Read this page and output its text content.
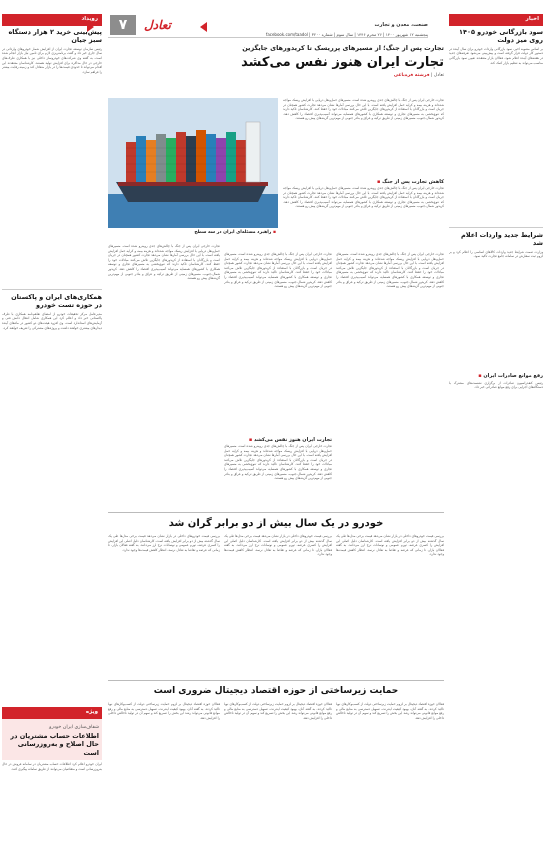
۷	تعادل	صنعت، معدن و تجارت
پنجشنبه ۱۲ شهریور ۱۴۰۰ | ۲۶ محرم ۱۴۴۶ | سال سوم | شماره ۳۲۰۰ | facebook.com/taadol
اخبار
سود بازرگانی خودرو ۱۴۰۵ روی میز دولت
بر اساس مصوبه اخیر، سود بازرگانی واردات خودرو برای سال آینده در دستور کار دولت قرار گرفته است و پیش‌بینی می‌شود تعرفه‌های جدید در هفته‌های آینده اعلام شود. فعالان بازار معتقدند تعیین سود بازرگانی مناسب می‌تواند به تنظیم بازار کمک کند.
شرایط جدید واردات اعلام شد
وزارت صمت شرایط جدید واردات کالاهای اساسی را اعلام کرد و بر لزوم ثبت سفارش در سامانه جامع تجارت تاکید نمود.
رفع موانع صادرات ایران ▪
رئیس کنفدراسیون صادرات از برگزاری نشست‌های مشترک با دستگاه‌های اجرایی برای رفع موانع صادراتی خبر داد.
رویداد
پیش‌بینی خرید ۲ هزار دستگاه سبز جیان
رئیس سازمان توسعه تجارت ایران از افزایش شمار خودروهای وارداتی در سال جاری خبر داد و گفت برنامه‌ریزی لازم برای تامین نیاز بازار انجام شده است. به گفته وی شرکت‌های خودروساز داخلی نیز با همکاری طرف‌های خارجی در حال مذاکره برای افزایش تولید هستند. کارشناسان معتقدند این اقدام می‌تواند تا حدودی قیمت‌ها را در بازار متعادل کند و زمینه رقابت بیشتر را فراهم سازد.
همکاری‌های ایران و پاکستان در حوزه تست خودرو
مدیرعامل مرکز تحقیقات خودرو از امضای تفاهم‌نامه همکاری با طرف پاکستانی خبر داد و اعلام کرد این همکاری شامل انتقال دانش فنی و آزمایش‌های استاندارد است. وی افزود هیئت‌های دو کشور در ماه‌های آینده دیدارهای بیشتری خواهند داشت و پروژه‌های مشترکی را تعریف خواهند کرد.
ویژه
شفاف‌سازی ایران خودرو
اطلاعات حساب مشتریان در حال اصلاح و به‌روزرسانی است
ایران خودرو اعلام کرد اطلاعات حساب مشتریان در سامانه فروش در حال به‌روزرسانی است و متقاضیان می‌توانند از طریق سامانه پیگیری کنند.
تجارت پس از جنگ؛ از مسیرهای پرریسک تا کریدورهای جایگزین
تجارت ایران هنوز نفس می‌کشد
تعادل | فرشته قره‌باغی
▪ راهبرد مسئله‌ای ایران در سه سطح
تجارت خارجی ایران پس از جنگ با چالش‌های جدی روبه‌رو شده است. مسیرهای حمل‌ونقل دریایی با افزایش ریسک مواجه شده‌اند و هزینه بیمه و کرایه حمل افزایش یافته است. با این حال بررسی آمارها نشان می‌دهد تجارت کشور همچنان در جریان است و بازرگانان با استفاده از کریدورهای جایگزین تلاش می‌کنند مبادلات خود را حفظ کنند. کارشناسان تاکید دارند که تنوع‌بخشی به مسیرهای تجاری و توسعه همکاری با کشورهای همسایه می‌تواند آسیب‌پذیری اقتصاد را کاهش دهد. کریدور شمال-جنوب، مسیرهای زمینی از طریق ترکیه و عراق و بنادر جنوبی از مهم‌ترین گزینه‌های پیش رو هستند.
کاهش تجارت پس از جنگ ▪
تجارت خارجی ایران پس از جنگ با چالش‌های جدی روبه‌رو شده است. مسیرهای حمل‌ونقل دریایی با افزایش ریسک مواجه شده‌اند و هزینه بیمه و کرایه حمل افزایش یافته است. با این حال بررسی آمارها نشان می‌دهد تجارت کشور همچنان در جریان است و بازرگانان با استفاده از کریدورهای جایگزین تلاش می‌کنند مبادلات خود را حفظ کنند. کارشناسان تاکید دارند که تنوع‌بخشی به مسیرهای تجاری و توسعه همکاری با کشورهای همسایه می‌تواند آسیب‌پذیری اقتصاد را کاهش دهد. کریدور شمال-جنوب، مسیرهای زمینی از طریق ترکیه و عراق و بنادر جنوبی از مهم‌ترین گزینه‌های پیش رو هستند.
تجارت خارجی ایران پس از جنگ با چالش‌های جدی روبه‌رو شده است. مسیرهای حمل‌ونقل دریایی با افزایش ریسک مواجه شده‌اند و هزینه بیمه و کرایه حمل افزایش یافته است. با این حال بررسی آمارها نشان می‌دهد تجارت کشور همچنان در جریان است و بازرگانان با استفاده از کریدورهای جایگزین تلاش می‌کنند مبادلات خود را حفظ کنند. کارشناسان تاکید دارند که تنوع‌بخشی به مسیرهای تجاری و توسعه همکاری با کشورهای همسایه می‌تواند آسیب‌پذیری اقتصاد را کاهش دهد. کریدور شمال-جنوب، مسیرهای زمینی از طریق ترکیه و عراق و بنادر جنوبی از مهم‌ترین گزینه‌های پیش رو هستند.
تجارت خارجی ایران پس از جنگ با چالش‌های جدی روبه‌رو شده است. مسیرهای حمل‌ونقل دریایی با افزایش ریسک مواجه شده‌اند و هزینه بیمه و کرایه حمل افزایش یافته است. با این حال بررسی آمارها نشان می‌دهد تجارت کشور همچنان در جریان است و بازرگانان با استفاده از کریدورهای جایگزین تلاش می‌کنند مبادلات خود را حفظ کنند. کارشناسان تاکید دارند که تنوع‌بخشی به مسیرهای تجاری و توسعه همکاری با کشورهای همسایه می‌تواند آسیب‌پذیری اقتصاد را کاهش دهد. کریدور شمال-جنوب، مسیرهای زمینی از طریق ترکیه و عراق و بنادر جنوبی از مهم‌ترین گزینه‌های پیش رو هستند.
تجارت ایران هنوز نفس می‌کشد ▪
تجارت خارجی ایران پس از جنگ با چالش‌های جدی روبه‌رو شده است. مسیرهای حمل‌ونقل دریایی با افزایش ریسک مواجه شده‌اند و هزینه بیمه و کرایه حمل افزایش یافته است. با این حال بررسی آمارها نشان می‌دهد تجارت کشور همچنان در جریان است و بازرگانان با استفاده از کریدورهای جایگزین تلاش می‌کنند مبادلات خود را حفظ کنند. کارشناسان تاکید دارند که تنوع‌بخشی به مسیرهای تجاری و توسعه همکاری با کشورهای همسایه می‌تواند آسیب‌پذیری اقتصاد را کاهش دهد. کریدور شمال-جنوب، مسیرهای زمینی از طریق ترکیه و عراق و بنادر جنوبی از مهم‌ترین گزینه‌های پیش رو هستند.
تجارت خارجی ایران پس از جنگ با چالش‌های جدی روبه‌رو شده است. مسیرهای حمل‌ونقل دریایی با افزایش ریسک مواجه شده‌اند و هزینه بیمه و کرایه حمل افزایش یافته است. با این حال بررسی آمارها نشان می‌دهد تجارت کشور همچنان در جریان است و بازرگانان با استفاده از کریدورهای جایگزین تلاش می‌کنند مبادلات خود را حفظ کنند. کارشناسان تاکید دارند که تنوع‌بخشی به مسیرهای تجاری و توسعه همکاری با کشورهای همسایه می‌تواند آسیب‌پذیری اقتصاد را کاهش دهد. کریدور شمال-جنوب، مسیرهای زمینی از طریق ترکیه و عراق و بنادر جنوبی از مهم‌ترین گزینه‌های پیش رو هستند.
خودرو در یک سال بیش از دو برابر گران شد
بررسی قیمت خودروهای داخلی در بازار نشان می‌دهد قیمت برخی مدل‌ها طی یک سال گذشته بیش از دو برابر افزایش یافته است. کارشناسان دلیل اصلی این افزایش را کسری عرضه، تورم عمومی و نوسانات نرخ ارز می‌دانند. به گفته فعالان بازار، تا زمانی که عرضه و تقاضا به تعادل نرسد، انتظار کاهش قیمت‌ها وجود ندارد.
بررسی قیمت خودروهای داخلی در بازار نشان می‌دهد قیمت برخی مدل‌ها طی یک سال گذشته بیش از دو برابر افزایش یافته است. کارشناسان دلیل اصلی این افزایش را کسری عرضه، تورم عمومی و نوسانات نرخ ارز می‌دانند. به گفته فعالان بازار، تا زمانی که عرضه و تقاضا به تعادل نرسد، انتظار کاهش قیمت‌ها وجود ندارد.
بررسی قیمت خودروهای داخلی در بازار نشان می‌دهد قیمت برخی مدل‌ها طی یک سال گذشته بیش از دو برابر افزایش یافته است. کارشناسان دلیل اصلی این افزایش را کسری عرضه، تورم عمومی و نوسانات نرخ ارز می‌دانند. به گفته فعالان بازار، تا زمانی که عرضه و تقاضا به تعادل نرسد، انتظار کاهش قیمت‌ها وجود ندارد.
حمایت زیرساختی از حوزه اقتصاد دیجیتال ضروری است
فعالان حوزه اقتصاد دیجیتال بر لزوم حمایت زیرساختی دولت از کسب‌وکارهای نوپا تاکید کردند. به گفته آنان، بهبود کیفیت اینترنت، تسهیل دسترسی به منابع مالی و رفع موانع قانونی می‌تواند رشد این بخش را تسریع کند و سهم آن در تولید ناخالص داخلی را افزایش دهد.
فعالان حوزه اقتصاد دیجیتال بر لزوم حمایت زیرساختی دولت از کسب‌وکارهای نوپا تاکید کردند. به گفته آنان، بهبود کیفیت اینترنت، تسهیل دسترسی به منابع مالی و رفع موانع قانونی می‌تواند رشد این بخش را تسریع کند و سهم آن در تولید ناخالص داخلی را افزایش دهد.
فعالان حوزه اقتصاد دیجیتال بر لزوم حمایت زیرساختی دولت از کسب‌وکارهای نوپا تاکید کردند. به گفته آنان، بهبود کیفیت اینترنت، تسهیل دسترسی به منابع مالی و رفع موانع قانونی می‌تواند رشد این بخش را تسریع کند و سهم آن در تولید ناخالص داخلی را افزایش دهد.
